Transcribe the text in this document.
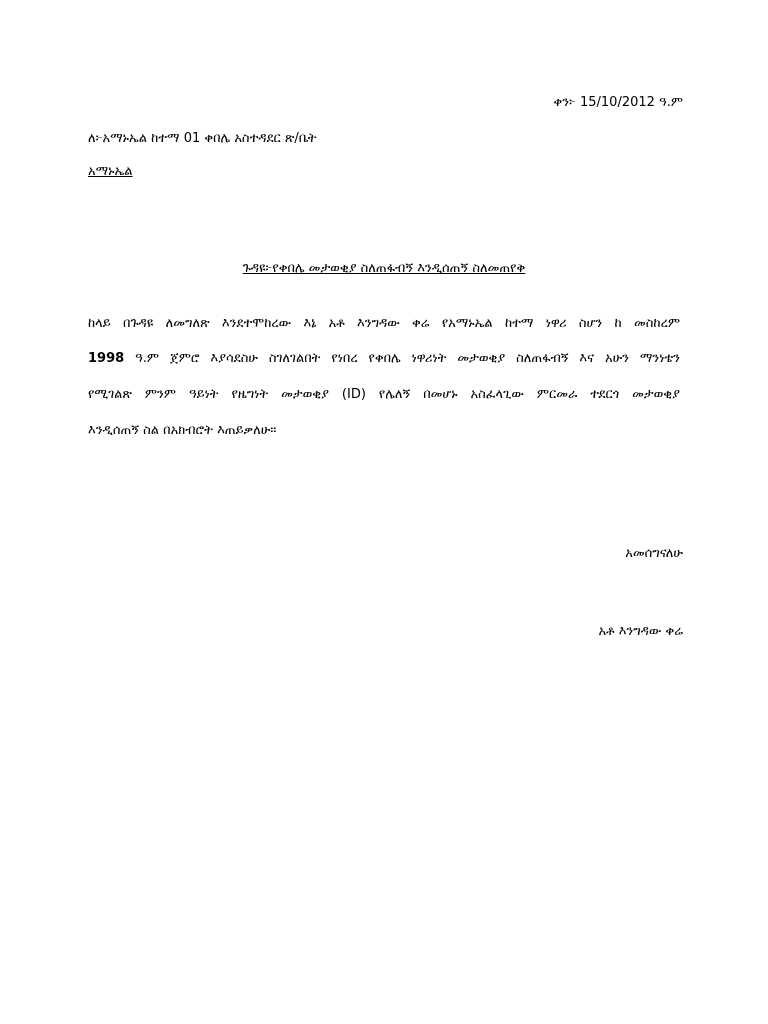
ቀን፦ 15/10/2012 ዓ.ም
ለ፦አማኑኤል ከተማ 01 ቀበሌ አስተዳደር ጽ/ቤት
አማኑኤል
ጉዳዩ፦የቀበሌ መታወቂያ ስለጠፋብኝ እንዲሰጠኝ ስለመጠየቅ
ከላይ በጉዳዩ ለመግለጽ እንደተሞከረው እኔ አቶ እንግዳው ቀሬ የአማኑኤል ከተማ ነዋሪ ስሆን ከ መስከረም
1998 ዓ.ም ጀምሮ እያሳደስሁ ስገለገልበት የነበረ የቀበሌ ነዋሪነት መታወቂያ ስለጠፋብኝ እና አሁን ማንነቴን
የሚገልጽ ምንም ዓይነት የዜግነት መታወቂያ (ID) የሌለኝ በመሆኑ አስፈላጊው ምርመራ ተደርጎ መታወቂያ
እንዲሰጠኝ ስል በአክብሮት እጠይቃለሁ።
አመሰግናለሁ
አቶ እንግዳው ቀሬ
